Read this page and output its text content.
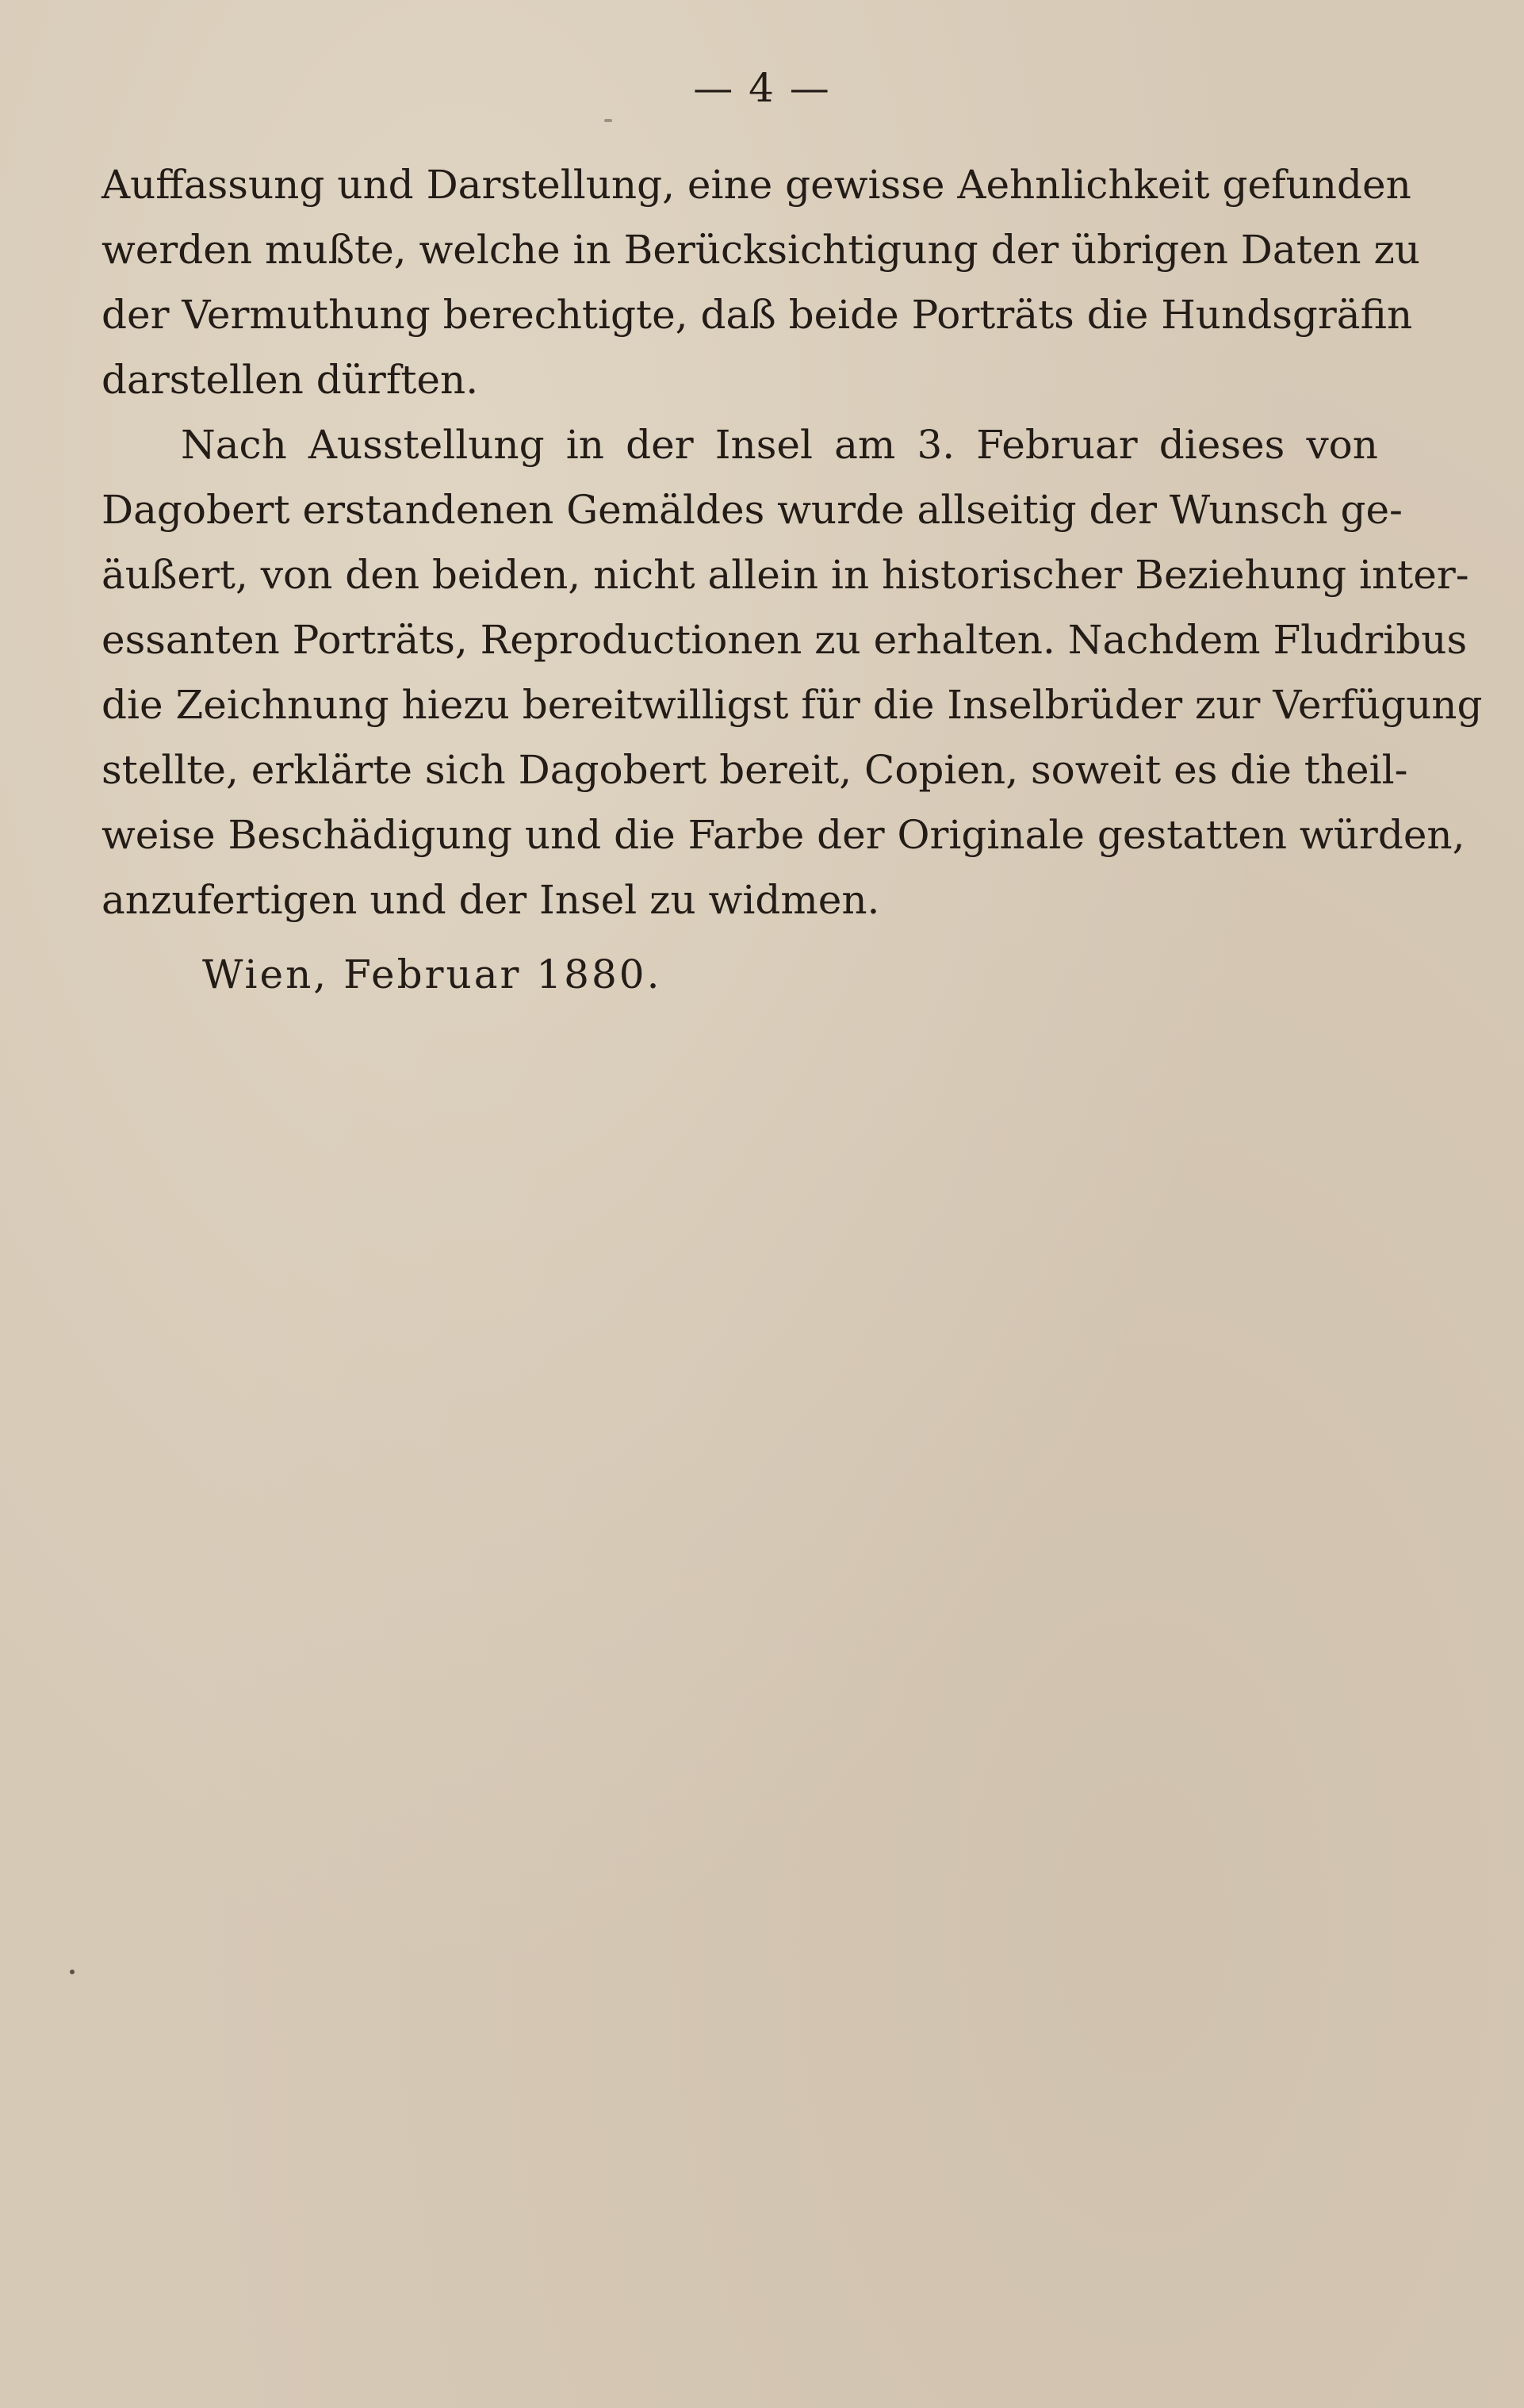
— 4 —

Auffassung und Darstellung, eine gewisse Aehnlichkeit gefunden
werden mußte, welche in Berücksichtigung der übrigen Daten zu
der Vermuthung berechtigte, daß beide Porträts die Hundsgräfin
darstellen dürften.

Nach Ausstellung in der Insel am 3. Februar dieses von
Dagobert erstandenen Gemäldes wurde allseitig der Wunsch ge-
äußert, von den beiden, nicht allein in historischer Beziehung inter-
essanten Porträts, Reproductionen zu erhalten. Nachdem Fludribus
die Zeichnung hiezu bereitwilligst für die Inselbrüder zur Verfügung
stellte, erklärte sich Dagobert bereit, Copien, soweit es die theil-
weise Beschädigung und die Farbe der Originale gestatten würden,
anzufertigen und der Insel zu widmen.

Wien, Februar 1880.
